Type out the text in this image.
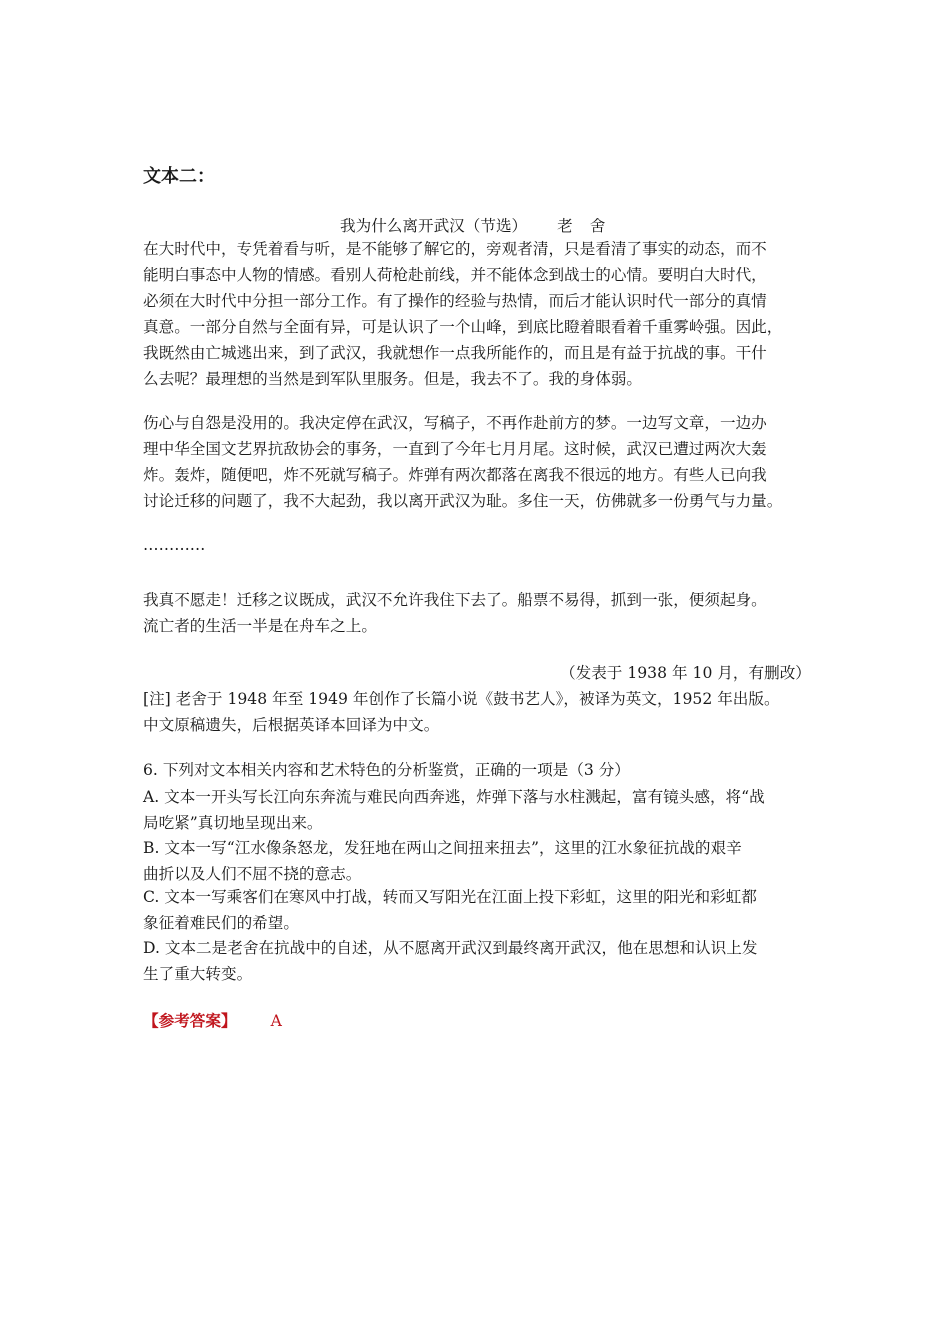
文本二：
我为什么离开武汉（节选） 老 舍
在大时代中，专凭着看与听，是不能够了解它的，旁观者清，只是看清了事实的动态，而不
能明白事态中人物的情感。看别人荷枪赴前线，并不能体念到战士的心情。要明白大时代，
必须在大时代中分担一部分工作。有了操作的经验与热情，而后才能认识时代一部分的真情
真意。一部分自然与全面有异，可是认识了一个山峰，到底比瞪着眼看着千重雾岭强。因此，
我既然由亡城逃出来，到了武汉，我就想作一点我所能作的，而且是有益于抗战的事。干什
么去呢？最理想的当然是到军队里服务。但是，我去不了。我的身体弱。
伤心与自怨是没用的。我决定停在武汉，写稿子，不再作赴前方的梦。一边写文章，一边办
理中华全国文艺界抗敌协会的事务，一直到了今年七月月尾。这时候，武汉已遭过两次大轰
炸。轰炸，随便吧，炸不死就写稿子。炸弹有两次都落在离我不很远的地方。有些人已向我
讨论迁移的问题了，我不大起劲，我以离开武汉为耻。多住一天，仿佛就多一份勇气与力量。
…………
我真不愿走！迁移之议既成，武汉不允许我住下去了。船票不易得，抓到一张，便须起身。
流亡者的生活一半是在舟车之上。
（发表于 1938 年 10 月，有删改）
[注] 老舍于 1948 年至 1949 年创作了长篇小说《鼓书艺人》，被译为英文，1952 年出版。
中文原稿遗失，后根据英译本回译为中文。
6. 下列对文本相关内容和艺术特色的分析鉴赏，正确的一项是（3 分）
A. 文本一开头写长江向东奔流与难民向西奔逃，炸弹下落与水柱溅起，富有镜头感，将“战
局吃紧”真切地呈现出来。
B. 文本一写“江水像条怒龙，发狂地在两山之间扭来扭去”，这里的江水象征抗战的艰辛
曲折以及人们不屈不挠的意志。
C. 文本一写乘客们在寒风中打战，转而又写阳光在江面上投下彩虹，这里的阳光和彩虹都
象征着难民们的希望。
D. 文本二是老舍在抗战中的自述，从不愿离开武汉到最终离开武汉，他在思想和认识上发
生了重大转变。
【参考答案】 A
